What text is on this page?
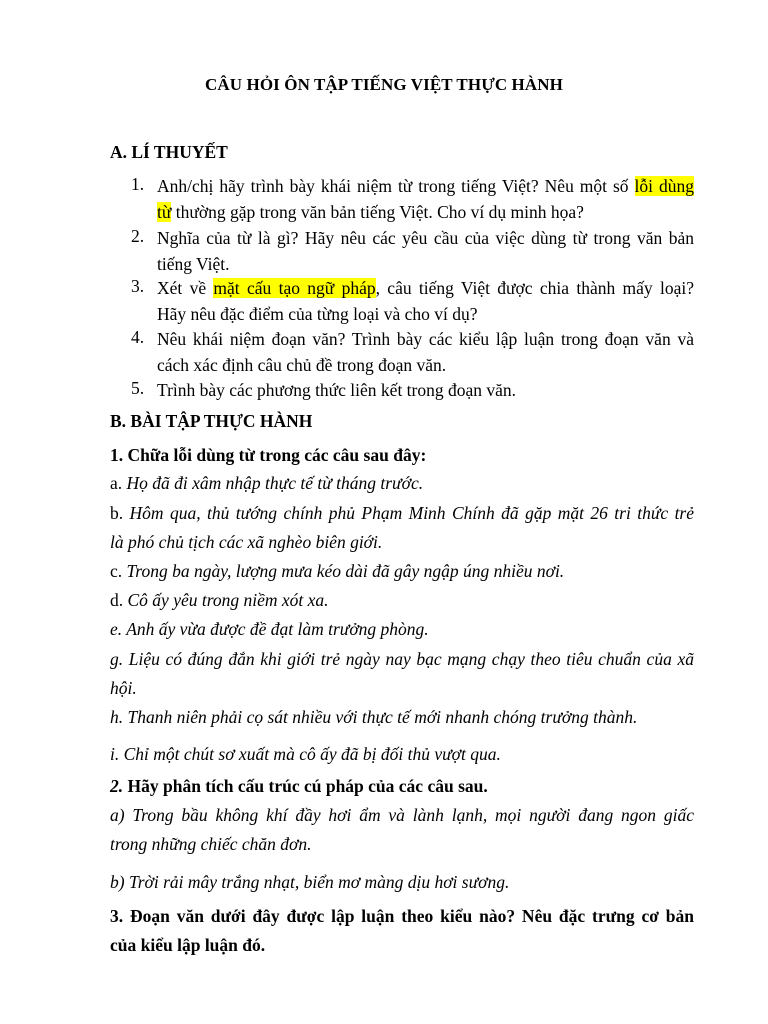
CÂU HỎI ÔN TẬP TIẾNG VIỆT THỰC HÀNH
A. LÍ THUYẾT
1. Anh/chị hãy trình bày khái niệm từ trong tiếng Việt? Nêu một số lỗi dùng
từ thường gặp trong văn bản tiếng Việt. Cho ví dụ minh họa?
2. Nghĩa của từ là gì? Hãy nêu các yêu cầu của việc dùng từ trong văn bản
tiếng Việt.
3. Xét về mặt cấu tạo ngữ pháp, câu tiếng Việt được chia thành mấy loại?
Hãy nêu đặc điểm của từng loại và cho ví dụ?
4. Nêu khái niệm đoạn văn? Trình bày các kiểu lập luận trong đoạn văn và
cách xác định câu chủ đề trong đoạn văn.
5. Trình bày các phương thức liên kết trong đoạn văn.
B. BÀI TẬP THỰC HÀNH
1. Chữa lỗi dùng từ trong các câu sau đây:
a. Họ đã đi xâm nhập thực tế từ tháng trước.
b. Hôm qua, thủ tướng chính phủ Phạm Minh Chính đã gặp mặt 26 tri thức trẻ
là phó chủ tịch các xã nghèo biên giới.
c. Trong ba ngày, lượng mưa kéo dài đã gây ngập úng nhiều nơi.
d. Cô ấy yêu trong niềm xót xa.
e. Anh ấy vừa được đề đạt làm trưởng phòng.
g. Liệu có đúng đắn khi giới trẻ ngày nay bạc mạng chạy theo tiêu chuẩn của xã
hội.
h. Thanh niên phải cọ sát nhiều với thực tế mới nhanh chóng trưởng thành.
i. Chỉ một chút sơ xuất mà cô ấy đã bị đối thủ vượt qua.
2. Hãy phân tích cấu trúc cú pháp của các câu sau.
a) Trong bầu không khí đầy hơi ẩm và lành lạnh, mọi người đang ngon giấc
trong những chiếc chăn đơn.
b) Trời rải mây trắng nhạt, biển mơ màng dịu hơi sương.
3. Đoạn văn dưới đây được lập luận theo kiểu nào? Nêu đặc trưng cơ bản
của kiểu lập luận đó.
